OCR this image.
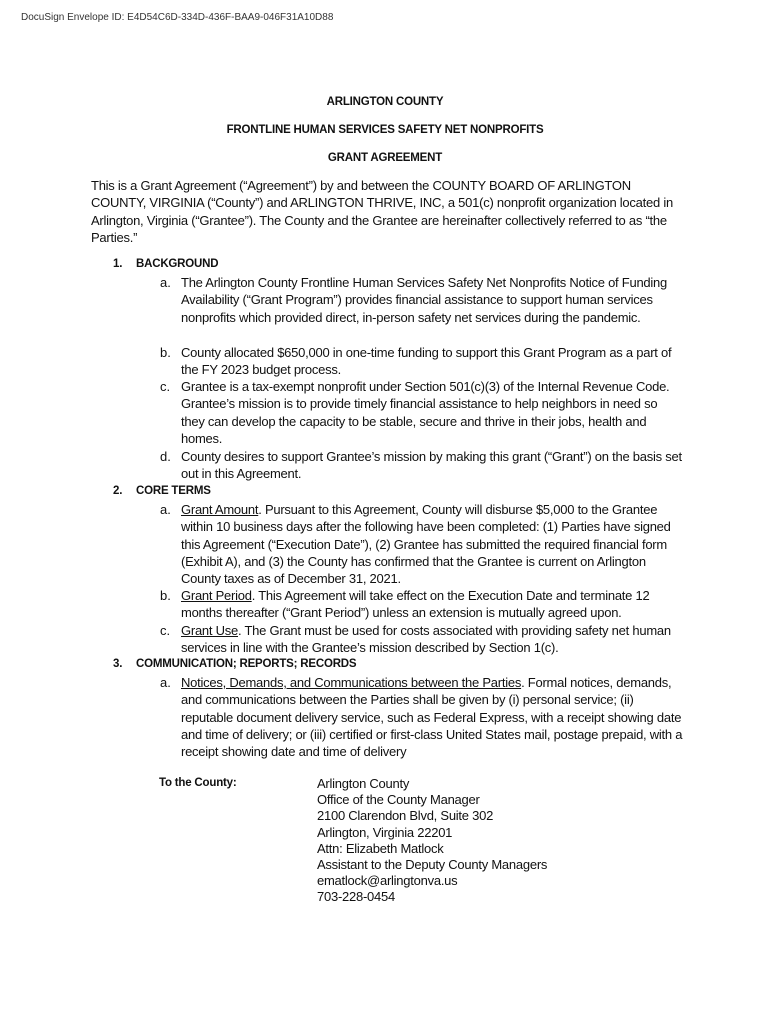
DocuSign Envelope ID: E4D54C6D-334D-436F-BAA9-046F31A10D88
ARLINGTON COUNTY
FRONTLINE HUMAN SERVICES SAFETY NET NONPROFITS
GRANT AGREEMENT
This is a Grant Agreement (“Agreement”) by and between the COUNTY BOARD OF ARLINGTON COUNTY, VIRGINIA (“County”) and ARLINGTON THRIVE, INC, a 501(c) nonprofit organization located in Arlington, Virginia (“Grantee”). The County and the Grantee are hereinafter collectively referred to as “the Parties.”
1. BACKGROUND
a. The Arlington County Frontline Human Services Safety Net Nonprofits Notice of Funding Availability (“Grant Program”) provides financial assistance to support human services nonprofits which provided direct, in-person safety net services during the pandemic.
b. County allocated $650,000 in one-time funding to support this Grant Program as a part of the FY 2023 budget process.
c. Grantee is a tax-exempt nonprofit under Section 501(c)(3) of the Internal Revenue Code. Grantee’s mission is to provide timely financial assistance to help neighbors in need so they can develop the capacity to be stable, secure and thrive in their jobs, health and homes.
d. County desires to support Grantee’s mission by making this grant (“Grant”) on the basis set out in this Agreement.
2. CORE TERMS
a. Grant Amount. Pursuant to this Agreement, County will disburse $5,000 to the Grantee within 10 business days after the following have been completed: (1) Parties have signed this Agreement (“Execution Date”), (2) Grantee has submitted the required financial form (Exhibit A), and (3) the County has confirmed that the Grantee is current on Arlington County taxes as of December 31, 2021.
b. Grant Period. This Agreement will take effect on the Execution Date and terminate 12 months thereafter (“Grant Period”) unless an extension is mutually agreed upon.
c. Grant Use. The Grant must be used for costs associated with providing safety net human services in line with the Grantee’s mission described by Section 1(c).
3. COMMUNICATION; REPORTS; RECORDS
a. Notices, Demands, and Communications between the Parties. Formal notices, demands, and communications between the Parties shall be given by (i) personal service; (ii) reputable document delivery service, such as Federal Express, with a receipt showing date and time of delivery; or (iii) certified or first-class United States mail, postage prepaid, with a receipt showing date and time of delivery
To the County:	Arlington County
Office of the County Manager
2100 Clarendon Blvd, Suite 302
Arlington, Virginia 22201
Attn: Elizabeth Matlock
Assistant to the Deputy County Managers
ematlock@arlingtonva.us
703-228-0454
